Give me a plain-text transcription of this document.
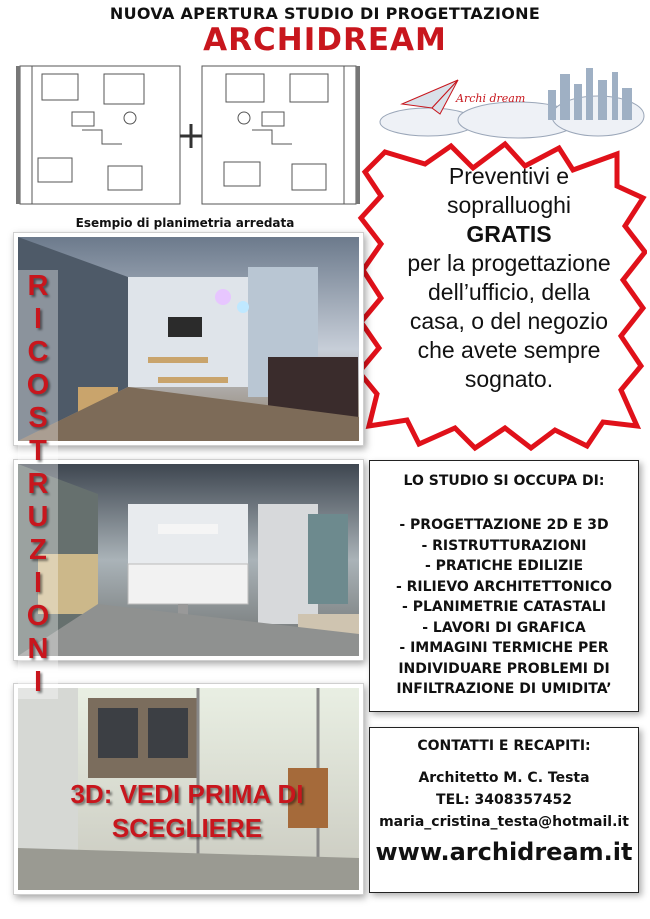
NUOVA APERTURA STUDIO DI PROGETTAZIONE
ARCHIDREAM
Esempio di planimetria arredata
Archi dream
Preventivi e
sopralluoghi
GRATIS
per la progettazione
dell’ufficio, della
casa, o del negozio
che avete sempre
sognato.
R
I
C
O
S
T
R
U
Z
I
O
N
I
3D: VEDI PRIMA DI
SCEGLIERE
LO STUDIO SI OCCUPA DI:
- PROGETTAZIONE 2D E 3D
- RISTRUTTURAZIONI
- PRATICHE EDILIZIE
- RILIEVO ARCHITETTONICO
- PLANIMETRIE CATASTALI
- LAVORI DI GRAFICA
- IMMAGINI TERMICHE PER
INDIVIDUARE PROBLEMI DI
INFILTRAZIONE DI UMIDITA’
CONTATTI E RECAPITI:
Architetto M. C. Testa
TEL: 3408357452
maria_cristina_testa@hotmail.it
www.archidream.it
